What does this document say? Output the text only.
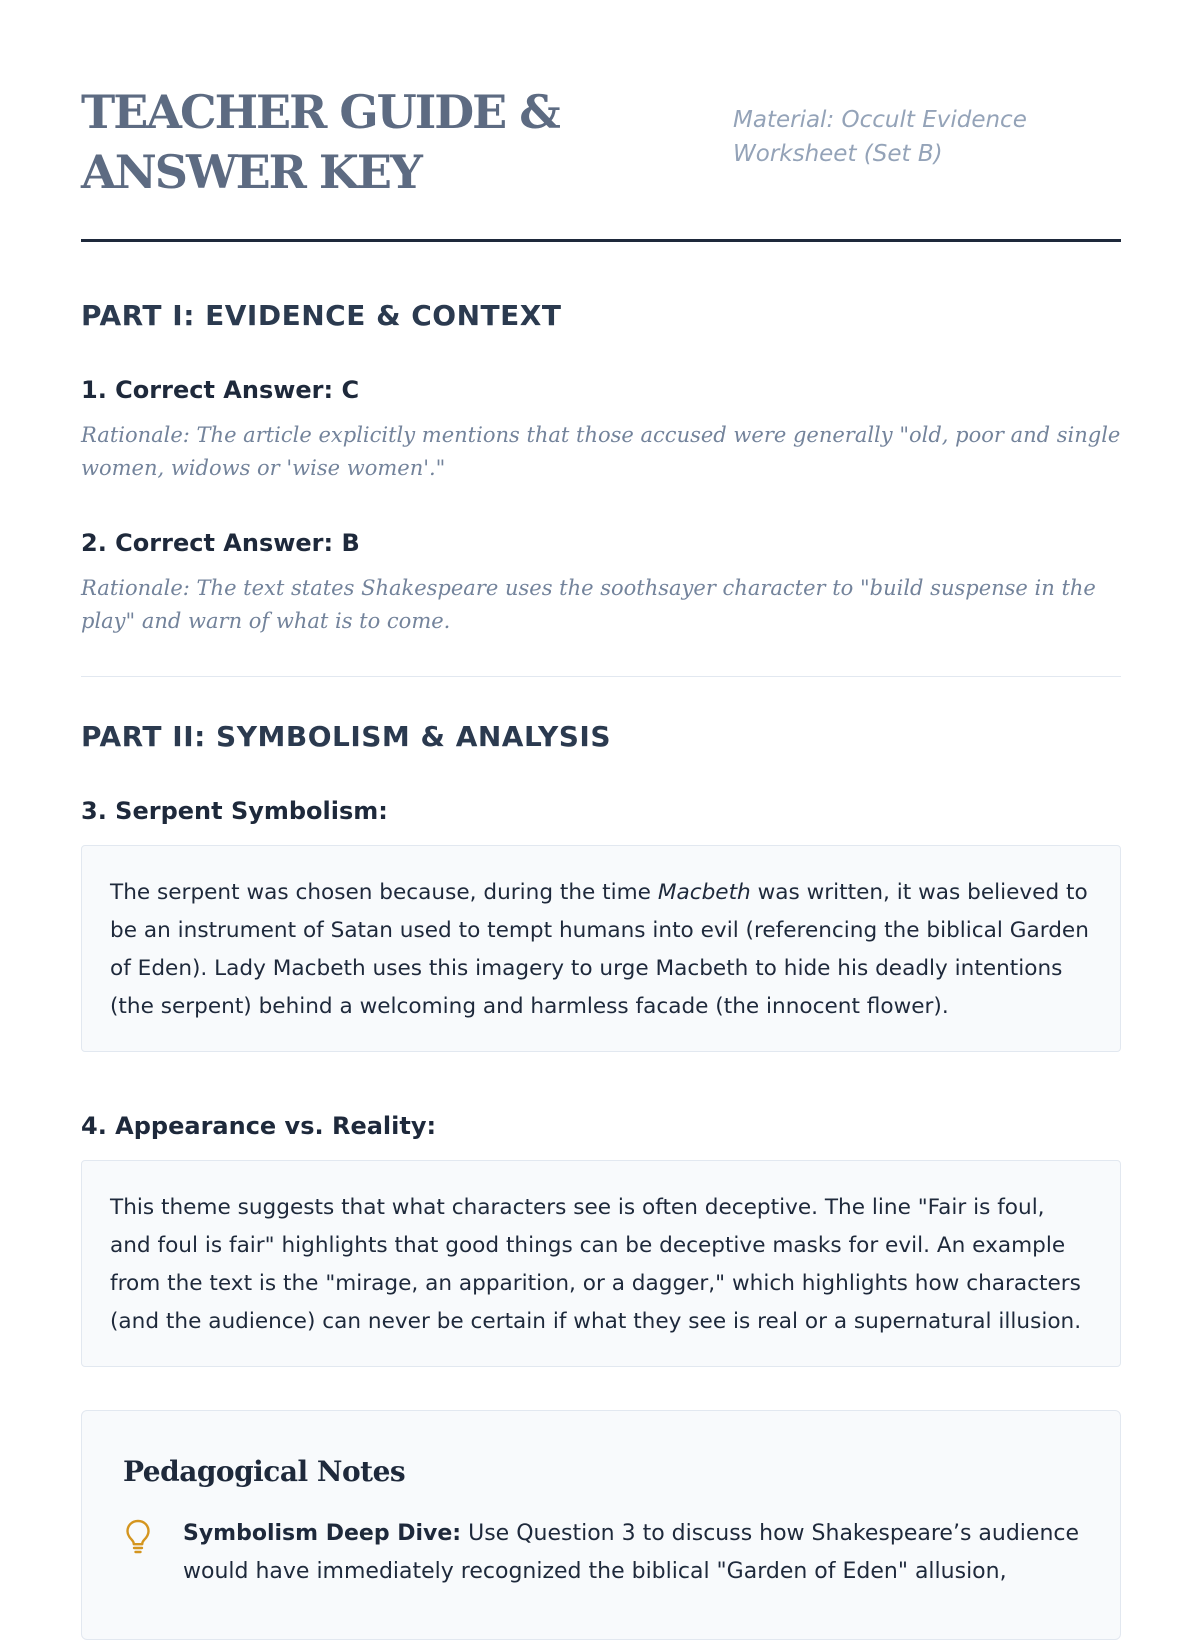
TEACHER GUIDE &
ANSWER KEY
Material: Occult Evidence Worksheet (Set B)
PART I: EVIDENCE & CONTEXT
1. Correct Answer: C

Rationale: The article explicitly mentions that those accused were generally "old, poor and single women, widows or 'wise women'."

2. Correct Answer: B

Rationale: The text states Shakespeare uses the soothsayer character to "build suspense in the play" and warn of what is to come.

PART II: SYMBOLISM & ANALYSIS
3. Serpent Symbolism:
The serpent was chosen because, during the time Macbeth was written, it was believed to be an instrument of Satan used to tempt humans into evil (referencing the biblical Garden of Eden). Lady Macbeth uses this imagery to urge Macbeth to hide his deadly intentions (the serpent) behind a welcoming and harmless facade (the innocent flower).
4. Appearance vs. Reality:
This theme suggests that what characters see is often deceptive. The line "Fair is foul, and foul is fair" highlights that good things can be deceptive masks for evil. An example from the text is the "mirage, an apparition, or a dagger," which highlights how characters (and the audience) can never be certain if what they see is real or a supernatural illusion.
Pedagogical Notes

Symbolism Deep Dive: Use Question 3 to discuss how Shakespeare’s audience would have immediately recognized the biblical "Garden of Eden" allusion,
